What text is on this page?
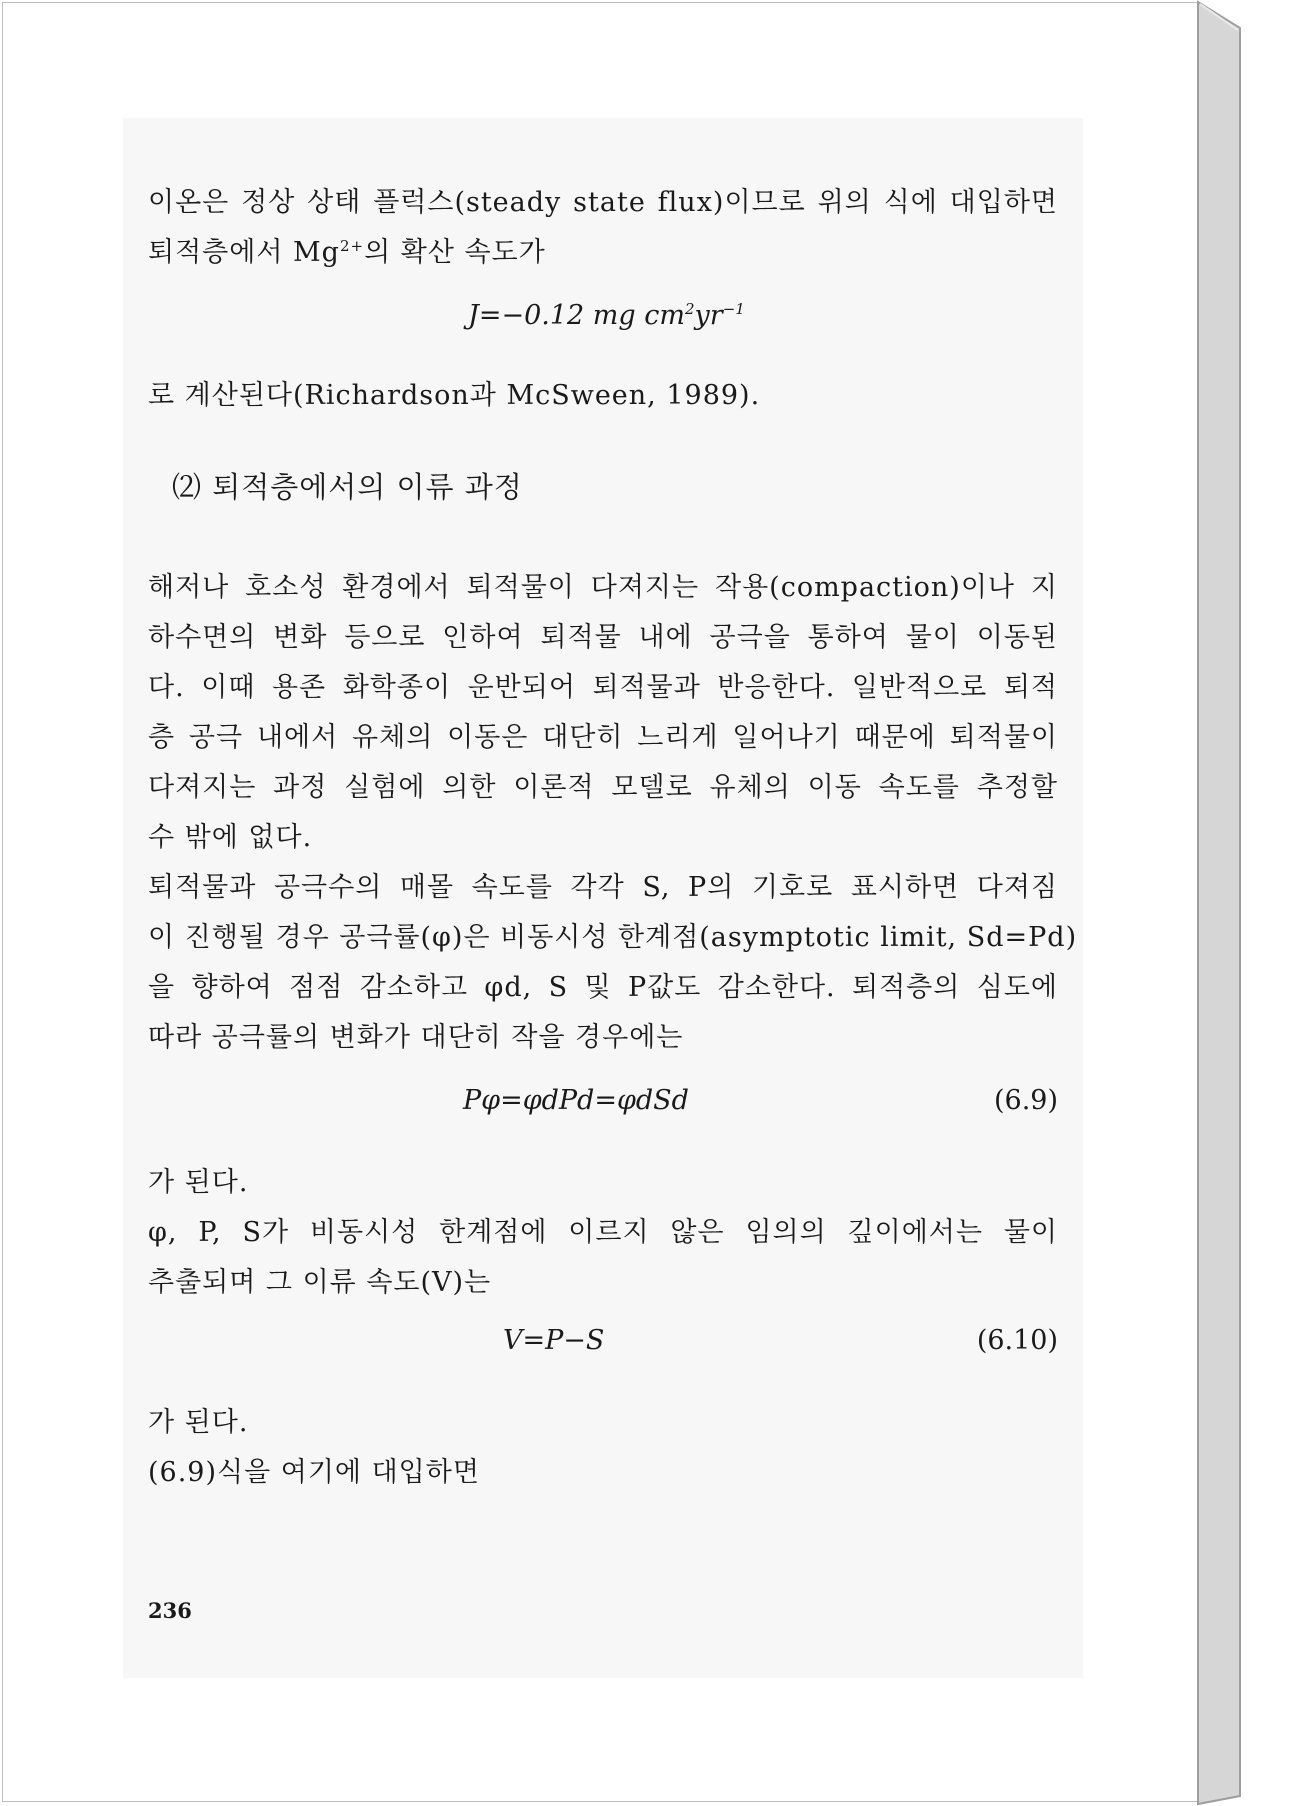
이온은 정상 상태 플럭스(steady state flux)이므로 위의 식에 대입하면
퇴적층에서 $Mg^{2+}$의 확산 속도가
J=−0.12 mg $cm^2yr^{-1}$
로 계산된다(Richardson과 McSween, 1989).
⑵ 퇴적층에서의 이류 과정
해저나 호소성 환경에서 퇴적물이 다져지는 작용(compaction)이나 지
하수면의 변화 등으로 인하여 퇴적물 내에 공극을 통하여 물이 이동된
다. 이때 용존 화학종이 운반되어 퇴적물과 반응한다. 일반적으로 퇴적
층 공극 내에서 유체의 이동은 대단히 느리게 일어나기 때문에 퇴적물이
다져지는 과정 실험에 의한 이론적 모델로 유체의 이동 속도를 추정할
수 밖에 없다.
퇴적물과 공극수의 매몰 속도를 각각 S, P의 기호로 표시하면 다져짐
이 진행될 경우 공극률(φ)은 비동시성 한계점(asymptotic limit, Sd=Pd)
을 향하여 점점 감소하고 φd, S 및 P값도 감소한다. 퇴적층의 심도에
따라 공극률의 변화가 대단히 작을 경우에는
Pφ=φdPd=φdSd	(6.9)
가 된다.
φ, P, S가 비동시성 한계점에 이르지 않은 임의의 깊이에서는 물이
추출되며 그 이류 속도(V)는
V=P−S	(6.10)
가 된다.
(6.9)식을 여기에 대입하면
236
